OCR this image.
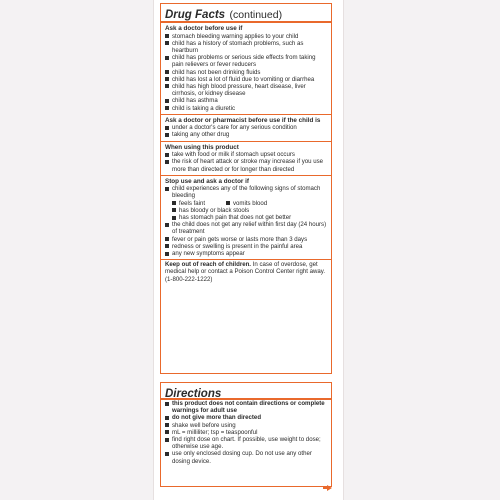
Drug Facts (continued)
Ask a doctor before use if
stomach bleeding warning applies to your child
child has a history of stomach problems, such as heartburn
child has problems or serious side effects from taking pain relievers or fever reducers
child has not been drinking fluids
child has lost a lot of fluid due to vomiting or diarrhea
child has high blood pressure, heart disease, liver cirrhosis, or kidney disease
child has asthma
child is taking a diuretic
Ask a doctor or pharmacist before use if the child is
under a doctor's care for any serious condition
taking any other drug
When using this product
take with food or milk if stomach upset occurs
the risk of heart attack or stroke may increase if you use more than directed or for longer than directed
Stop use and ask a doctor if
child experiences any of the following signs of stomach bleeding
feels faint	vomits blood
has bloody or black stools
has stomach pain that does not get better
the child does not get any relief within first day (24 hours) of treatment
fever or pain gets worse or lasts more than 3 days
redness or swelling is present in the painful area
any new symptoms appear
Keep out of reach of children. In case of overdose, get medical help or contact a Poison Control Center right away. (1-800-222-1222)
Directions
this product does not contain directions or complete warnings for adult use
do not give more than directed
shake well before using
mL = milliliter; tsp = teaspoonful
find right dose on chart. If possible, use weight to dose; otherwise use age.
use only enclosed dosing cup. Do not use any other dosing device.
